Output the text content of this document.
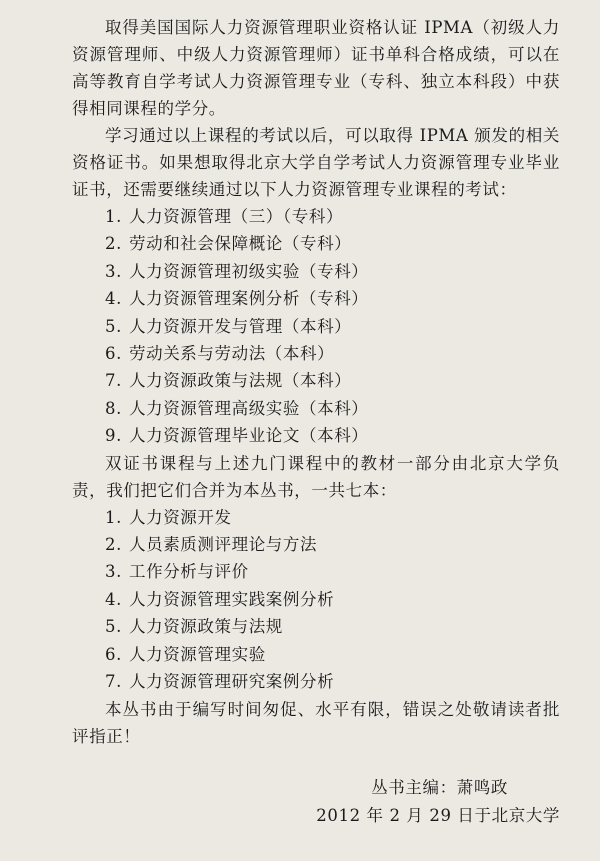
取得美国国际人力资源管理职业资格认证 IPMA（初级人力资源管理师、中级人力资源管理师）证书单科合格成绩，可以在高等教育自学考试人力资源管理专业（专科、独立本科段）中获得相同课程的学分。

学习通过以上课程的考试以后，可以取得 IPMA 颁发的相关资格证书。如果想取得北京大学自学考试人力资源管理专业毕业证书，还需要继续通过以下人力资源管理专业课程的考试：

1. 人力资源管理（三）（专科）
2. 劳动和社会保障概论（专科）
3. 人力资源管理初级实验（专科）
4. 人力资源管理案例分析（专科）
5. 人力资源开发与管理（本科）
6. 劳动关系与劳动法（本科）
7. 人力资源政策与法规（本科）
8. 人力资源管理高级实验（本科）
9. 人力资源管理毕业论文（本科）

双证书课程与上述九门课程中的教材一部分由北京大学负责，我们把它们合并为本丛书，一共七本：

1. 人力资源开发
2. 人员素质测评理论与方法
3. 工作分析与评价
4. 人力资源管理实践案例分析
5. 人力资源政策与法规
6. 人力资源管理实验
7. 人力资源管理研究案例分析

本丛书由于编写时间匆促、水平有限，错误之处敬请读者批评指正！

丛书主编：萧鸣政
2012 年 2 月 29 日于北京大学
